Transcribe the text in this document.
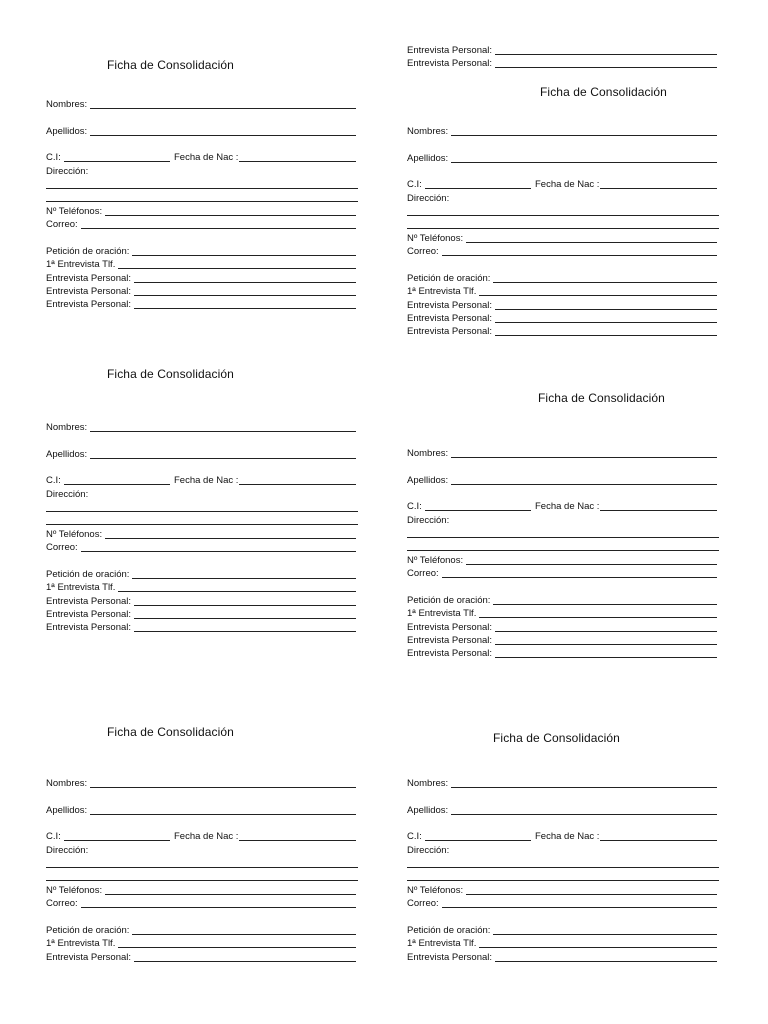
Ficha de Consolidación
Nombres:
Apellidos:
C.I:	Fecha de Nac :
Dirección:
Nº Teléfonos:
Correo:
Petición de oración:
1ª Entrevista Tlf.
Entrevista Personal:
Entrevista Personal:
Entrevista Personal:
Entrevista Personal:
Entrevista Personal:
Ficha de Consolidación
Nombres:
Apellidos:
C.I:	Fecha de Nac :
Dirección:
Nº Teléfonos:
Correo:
Petición de oración:
1ª Entrevista Tlf.
Entrevista Personal:
Entrevista Personal:
Entrevista Personal:
Ficha de Consolidación
Nombres:
Apellidos:
C.I:	Fecha de Nac :
Dirección:
Nº Teléfonos:
Correo:
Petición de oración:
1ª Entrevista Tlf.
Entrevista Personal:
Entrevista Personal:
Entrevista Personal:
Ficha de Consolidación
Nombres:
Apellidos:
C.I:	Fecha de Nac :
Dirección:
Nº Teléfonos:
Correo:
Petición de oración:
1ª Entrevista Tlf.
Entrevista Personal:
Entrevista Personal:
Entrevista Personal:
Ficha de Consolidación
Nombres:
Apellidos:
C.I:	Fecha de Nac :
Dirección:
Nº Teléfonos:
Correo:
Petición de oración:
1ª Entrevista Tlf.
Entrevista Personal:
Ficha de Consolidación
Nombres:
Apellidos:
C.I:	Fecha de Nac :
Dirección:
Nº Teléfonos:
Correo:
Petición de oración:
1ª Entrevista Tlf.
Entrevista Personal:
